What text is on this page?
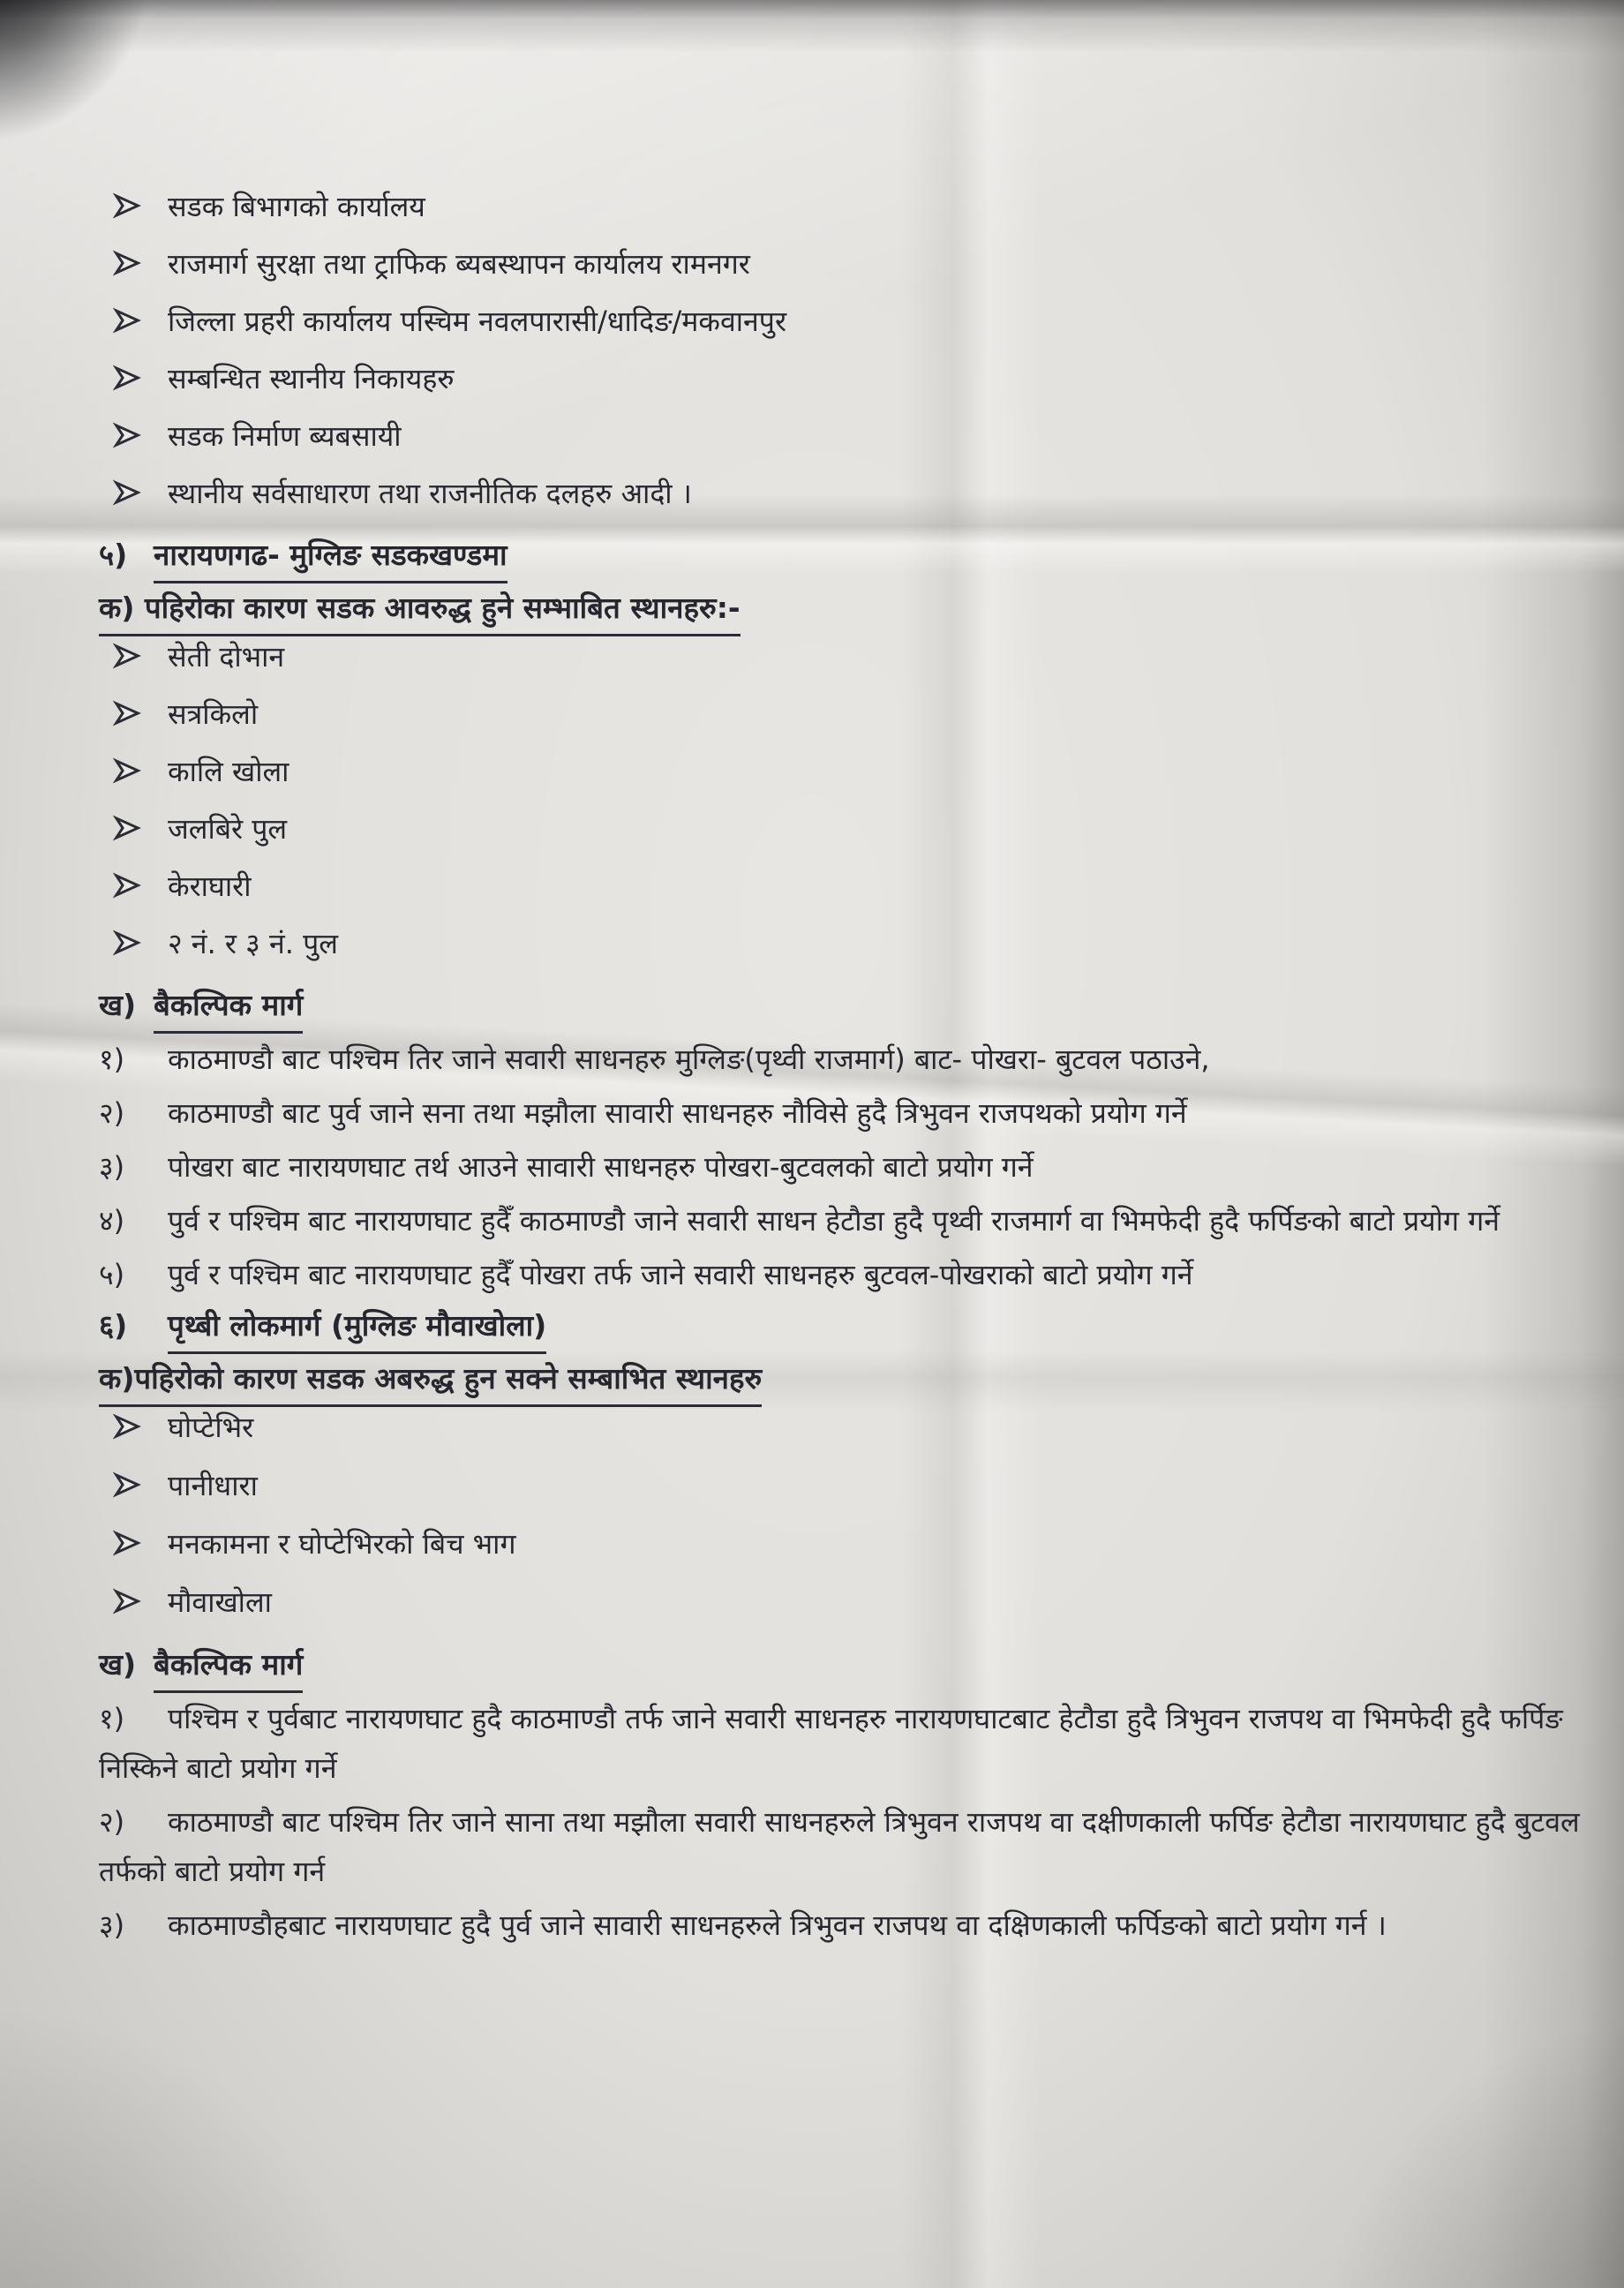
सडक बिभागको कार्यालय
राजमार्ग सुरक्षा तथा ट्राफिक ब्यबस्थापन कार्यालय रामनगर
जिल्ला प्रहरी कार्यालय पस्चिम नवलपारासी/धादिङ/मकवानपुर
सम्बन्धित स्थानीय निकायहरु
सडक निर्माण ब्यबसायी
स्थानीय सर्वसाधारण तथा राजनीतिक दलहरु आदी ।
५) नारायणगढ- मुग्लिङ सडकखण्डमा
क) पहिरोका कारण सडक आवरुद्ध हुने सम्भाबित स्थानहरु:-
सेती दोभान
सत्रकिलो
कालि खोला
जलबिरे पुल
केराघारी
२ नं. र ३ नं. पुल
ख) बैकल्पिक मार्ग

१) काठमाण्डौ बाट पश्चिम तिर जाने सवारी साधनहरु मुग्लिङ(पृथ्वी राजमार्ग) बाट- पोखरा- बुटवल पठाउने,

२) काठमाण्डौ बाट पुर्व जाने सना तथा मझौला सावारी साधनहरु नौविसे हुदै त्रिभुवन राजपथको प्रयोग गर्ने

३) पोखरा बाट नारायणघाट तर्थ आउने सावारी साधनहरु पोखरा-बुटवलको बाटो प्रयोग गर्ने

४) पुर्व र पश्चिम बाट नारायणघाट हुदैँ काठमाण्डौ जाने सवारी साधन हेटौडा हुदै पृथ्वी राजमार्ग वा भिमफेदी हुदै फर्पिङको बाटो प्रयोग गर्ने

५) पुर्व र पश्चिम बाट नारायणघाट हुदैँ पोखरा तर्फ जाने सवारी साधनहरु बुटवल-पोखराको बाटो प्रयोग गर्ने

६) पृथ्बी लोकमार्ग (मुग्लिङ मौवाखोला)
क)पहिरोको कारण सडक अबरुद्ध हुन सक्ने सम्बाभित स्थानहरु
घोप्टेभिर
पानीधारा
मनकामना र घोप्टेभिरको बिच भाग
मौवाखोला
ख) बैकल्पिक मार्ग

१) पश्चिम र पुर्वबाट नारायणघाट हुदै काठमाण्डौ तर्फ जाने सवारी साधनहरु नारायणघाटबाट हेटौडा हुदै त्रिभुवन राजपथ वा भिमफेदी हुदै फर्पिङ निस्किने बाटो प्रयोग गर्ने

२) काठमाण्डौ बाट पश्चिम तिर जाने साना तथा मझौला सवारी साधनहरुले त्रिभुवन राजपथ वा दक्षीणकाली फर्पिङ हेटौडा नारायणघाट हुदै बुटवल तर्फको बाटो प्रयोग गर्न

३) काठमाण्डौहबाट नारायणघाट हुदै पुर्व जाने सावारी साधनहरुले त्रिभुवन राजपथ वा दक्षिणकाली फर्पिङको बाटो प्रयोग गर्न ।
